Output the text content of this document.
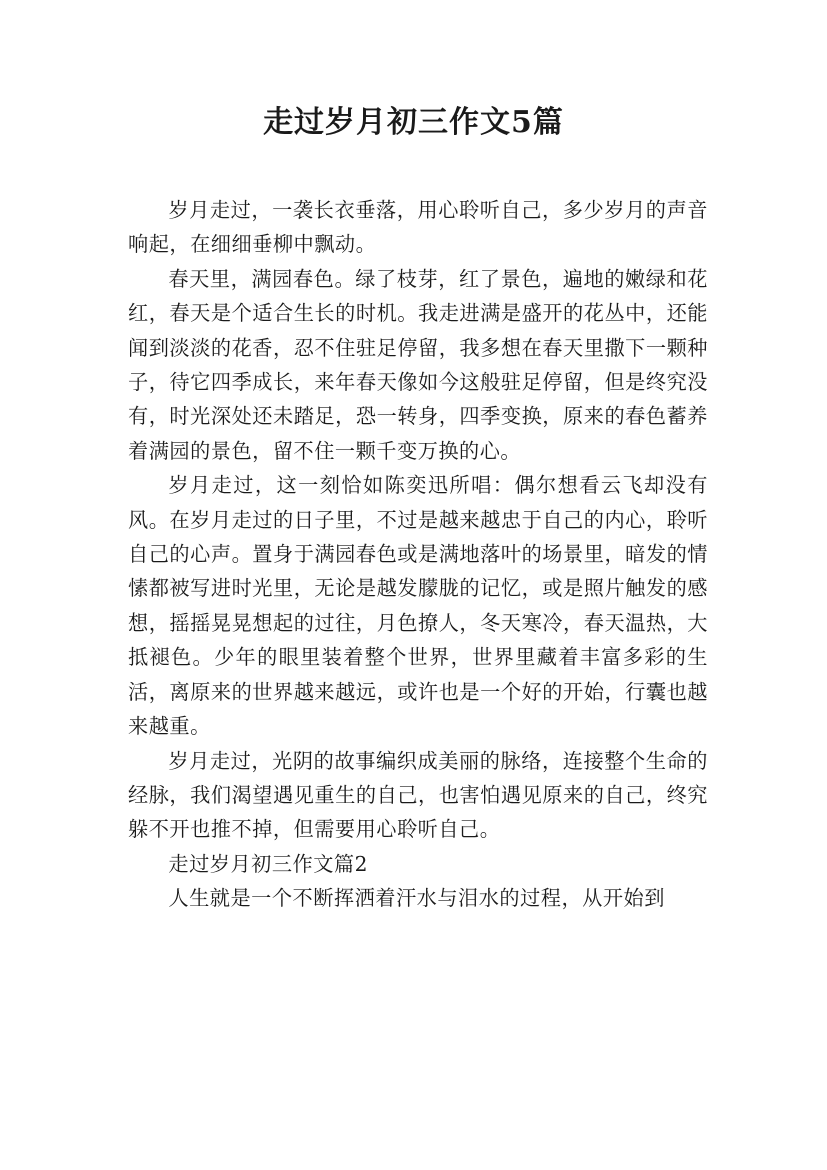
走过岁月初三作文5篇

岁月走过，一袭长衣垂落，用心聆听自己，多少岁月的声音响起，在细细垂柳中飘动。

春天里，满园春色。绿了枝芽，红了景色，遍地的嫩绿和花红，春天是个适合生长的时机。我走进满是盛开的花丛中，还能闻到淡淡的花香，忍不住驻足停留，我多想在春天里撒下一颗种子，待它四季成长，来年春天像如今这般驻足停留，但是终究没有，时光深处还未踏足，恐一转身，四季变换，原来的春色蓄养着满园的景色，留不住一颗千变万换的心。

岁月走过，这一刻恰如陈奕迅所唱：偶尔想看云飞却没有风。在岁月走过的日子里，不过是越来越忠于自己的内心，聆听自己的心声。置身于满园春色或是满地落叶的场景里，暗发的情愫都被写进时光里，无论是越发朦胧的记忆，或是照片触发的感想，摇摇晃晃想起的过往，月色撩人，冬天寒冷，春天温热，大抵褪色。少年的眼里装着整个世界，世界里藏着丰富多彩的生活，离原来的世界越来越远，或许也是一个好的开始，行囊也越来越重。

岁月走过，光阴的故事编织成美丽的脉络，连接整个生命的经脉，我们渴望遇见重生的自己，也害怕遇见原来的自己，终究躲不开也推不掉，但需要用心聆听自己。

走过岁月初三作文篇2

人生就是一个不断挥洒着汗水与泪水的过程，从开始到
